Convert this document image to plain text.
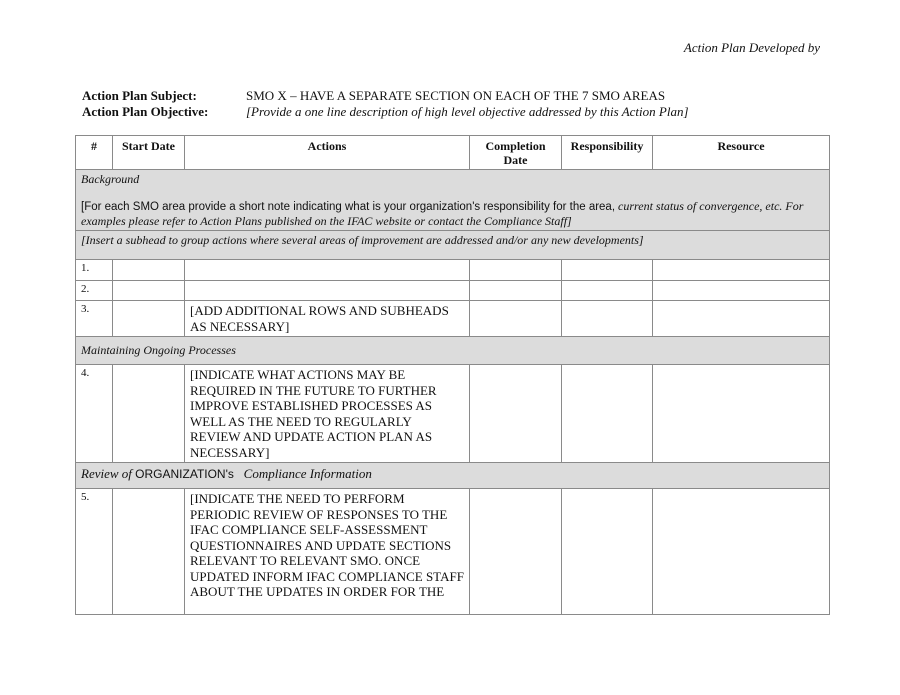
Action Plan Developed by
Action Plan Subject:	SMO X – HAVE A SEPARATE SECTION ON EACH OF THE 7 SMO AREAS
Action Plan Objective:	[Provide a one line description of high level objective addressed by this Action Plan]
#	Start Date	Actions	Completion Date	Responsibility	Resource

Background
[For each SMO area provide a short note indicating what is your organization's responsibility for the area, current status of convergence, etc. For examples please refer to Action Plans published on the IFAC website or contact the Compliance Staff]					

[Insert a subhead to group actions where several areas of improvement are addressed and/or any new developments]					
1.					
2.					
3.		[ADD ADDITIONAL ROWS AND SUBHEADS AS NECESSARY]			
Maintaining Ongoing Processes					
4.		[INDICATE WHAT ACTIONS MAY BE REQUIRED IN THE FUTURE TO FURTHER IMPROVE ESTABLISHED PROCESSES AS WELL AS THE NEED TO REGULARLY REVIEW AND UPDATE ACTION PLAN AS NECESSARY]			
Review of ORGANIZATION's   Compliance Information					
5.		[INDICATE THE NEED TO PERFORM PERIODIC REVIEW OF RESPONSES TO THE IFAC COMPLIANCE SELF-ASSESSMENT QUESTIONNAIRES AND UPDATE SECTIONS RELEVANT TO RELEVANT SMO. ONCE UPDATED INFORM IFAC COMPLIANCE STAFF ABOUT THE UPDATES IN ORDER FOR THE			
